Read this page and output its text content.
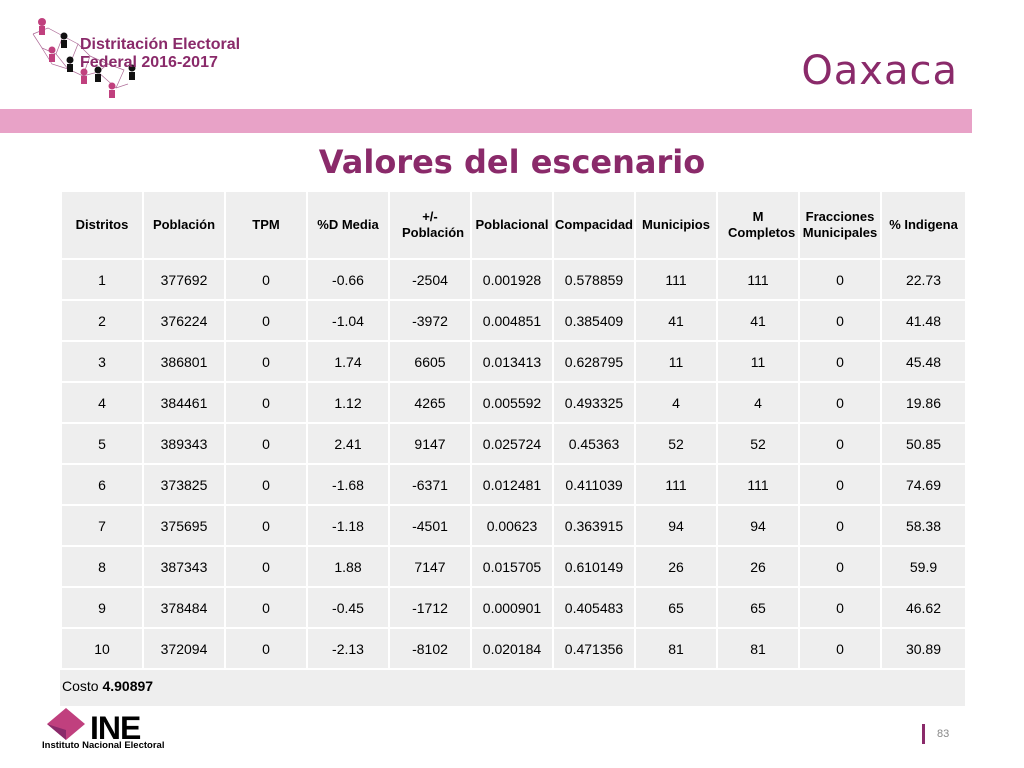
Distritación Electoral
Federal 2016-2017	Oaxaca
Valores del escenario
Distritos	Población	TPM	%D Media	+/- Población	Poblacional	Compacidad	Municipios	M Completos	Fracciones Municipales	% Indigena
1	377692	0	-0.66	-2504	0.001928	0.578859	111	111	0	22.73
2	376224	0	-1.04	-3972	0.004851	0.385409	41	41	0	41.48
3	386801	0	1.74	6605	0.013413	0.628795	11	11	0	45.48
4	384461	0	1.12	4265	0.005592	0.493325	4	4	0	19.86
5	389343	0	2.41	9147	0.025724	0.45363	52	52	0	50.85
6	373825	0	-1.68	-6371	0.012481	0.411039	111	111	0	74.69
7	375695	0	-1.18	-4501	0.00623	0.363915	94	94	0	58.38
8	387343	0	1.88	7147	0.015705	0.610149	26	26	0	59.9
9	378484	0	-0.45	-1712	0.000901	0.405483	65	65	0	46.62
10	372094	0	-2.13	-8102	0.020184	0.471356	81	81	0	30.89
Costo 4.90897
INE
Instituto Nacional Electoral
83
